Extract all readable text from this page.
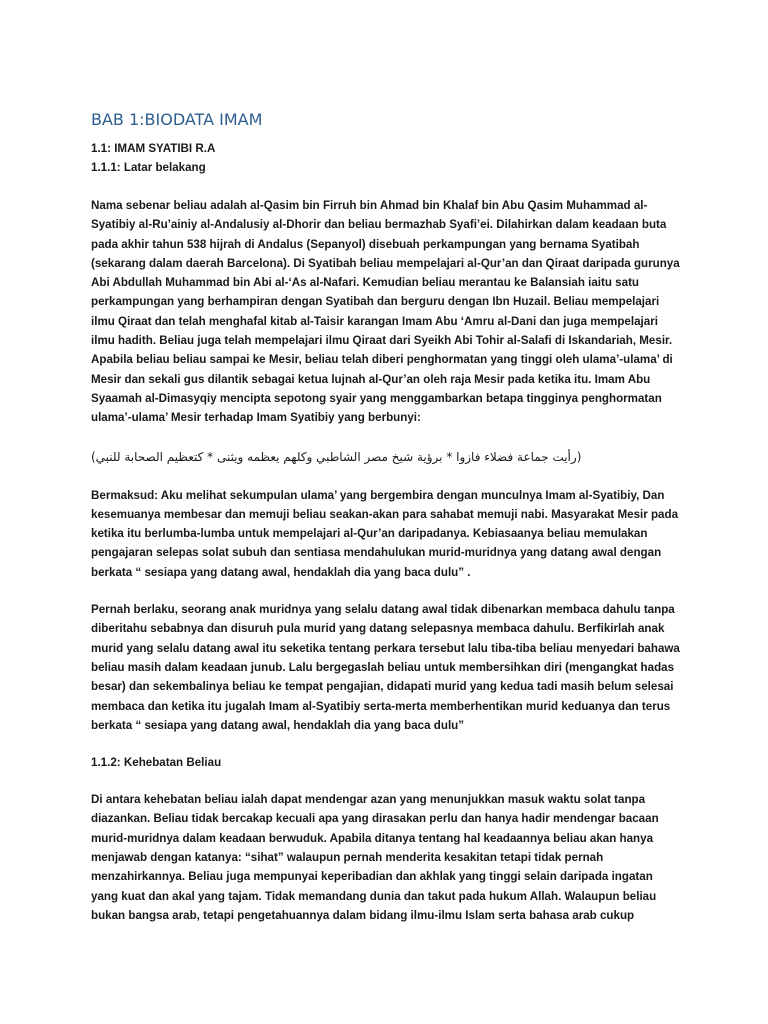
BAB 1:BIODATA IMAM
1.1: IMAM SYATIBI R.A
1.1.1: Latar belakang

Nama sebenar beliau adalah al-Qasim bin Firruh bin Ahmad bin Khalaf bin Abu Qasim Muhammad al-Syatibiy al-Ru’ainiy al-Andalusiy al-Dhorir dan beliau bermazhab Syafi’ei. Dilahirkan dalam keadaan buta pada akhir tahun 538 hijrah di Andalus (Sepanyol) disebuah perkampungan yang bernama Syatibah (sekarang dalam daerah Barcelona). Di Syatibah beliau mempelajari al-Qur’an dan Qiraat daripada gurunya Abi Abdullah Muhammad bin Abi al-‘As al-Nafari. Kemudian beliau merantau ke Balansiah iaitu satu perkampungan yang berhampiran dengan Syatibah dan berguru dengan Ibn Huzail. Beliau mempelajari ilmu Qiraat dan telah menghafal kitab al-Taisir karangan Imam Abu ‘Amru al-Dani dan juga mempelajari ilmu hadith. Beliau juga telah mempelajari ilmu Qiraat dari Syeikh Abi Tohir al-Salafi di Iskandariah, Mesir. Apabila beliau beliau sampai ke Mesir, beliau telah diberi penghormatan yang tinggi oleh ulama’-ulama’ di Mesir dan sekali gus dilantik sebagai ketua lujnah al-Qur’an oleh raja Mesir pada ketika itu. Imam Abu Syaamah al-Dimasyqiy mencipta sepotong syair yang menggambarkan betapa tingginya penghormatan ulama’-ulama’ Mesir terhadap Imam Syatibiy yang berbunyi:

(رأيت جماعة فضلاء فازوا * برؤية شيخ مصر الشاطبي وكلهم يعظمه ويثنى * كتعظيم الصحابة للنبي)

Bermaksud: Aku melihat sekumpulan ulama’ yang bergembira dengan munculnya Imam al-Syatibiy, Dan kesemuanya membesar dan memuji beliau seakan-akan para sahabat memuji nabi. Masyarakat Mesir pada ketika itu berlumba-lumba untuk mempelajari al-Qur’an daripadanya. Kebiasaanya beliau memulakan pengajaran selepas solat subuh dan sentiasa mendahulukan murid-muridnya yang datang awal dengan berkata “ sesiapa yang datang awal, hendaklah dia yang baca dulu” .

Pernah berlaku, seorang anak muridnya yang selalu datang awal tidak dibenarkan membaca dahulu tanpa diberitahu sebabnya dan disuruh pula murid yang datang selepasnya membaca dahulu. Berfikirlah anak murid yang selalu datang awal itu seketika tentang perkara tersebut lalu tiba-tiba beliau menyedari bahawa beliau masih dalam keadaan junub. Lalu bergegaslah beliau untuk membersihkan diri (mengangkat hadas besar) dan sekembalinya beliau ke tempat pengajian, didapati murid yang kedua tadi masih belum selesai membaca dan ketika itu jugalah Imam al-Syatibiy serta-merta memberhentikan murid keduanya dan terus berkata “ sesiapa yang datang awal, hendaklah dia yang baca dulu”

1.1.2: Kehebatan Beliau

Di antara kehebatan beliau ialah dapat mendengar azan yang menunjukkan masuk waktu solat tanpa diazankan. Beliau tidak bercakap kecuali apa yang dirasakan perlu dan hanya hadir mendengar bacaan murid-muridnya dalam keadaan berwuduk. Apabila ditanya tentang hal keadaannya beliau akan hanya menjawab dengan katanya: “sihat” walaupun pernah menderita kesakitan tetapi tidak pernah menzahirkannya. Beliau juga mempunyai keperibadian dan akhlak yang tinggi selain daripada ingatan yang kuat dan akal yang tajam. Tidak memandang dunia dan takut pada hukum Allah. Walaupun beliau bukan bangsa arab, tetapi pengetahuannya dalam bidang ilmu-ilmu Islam serta bahasa arab cukup
